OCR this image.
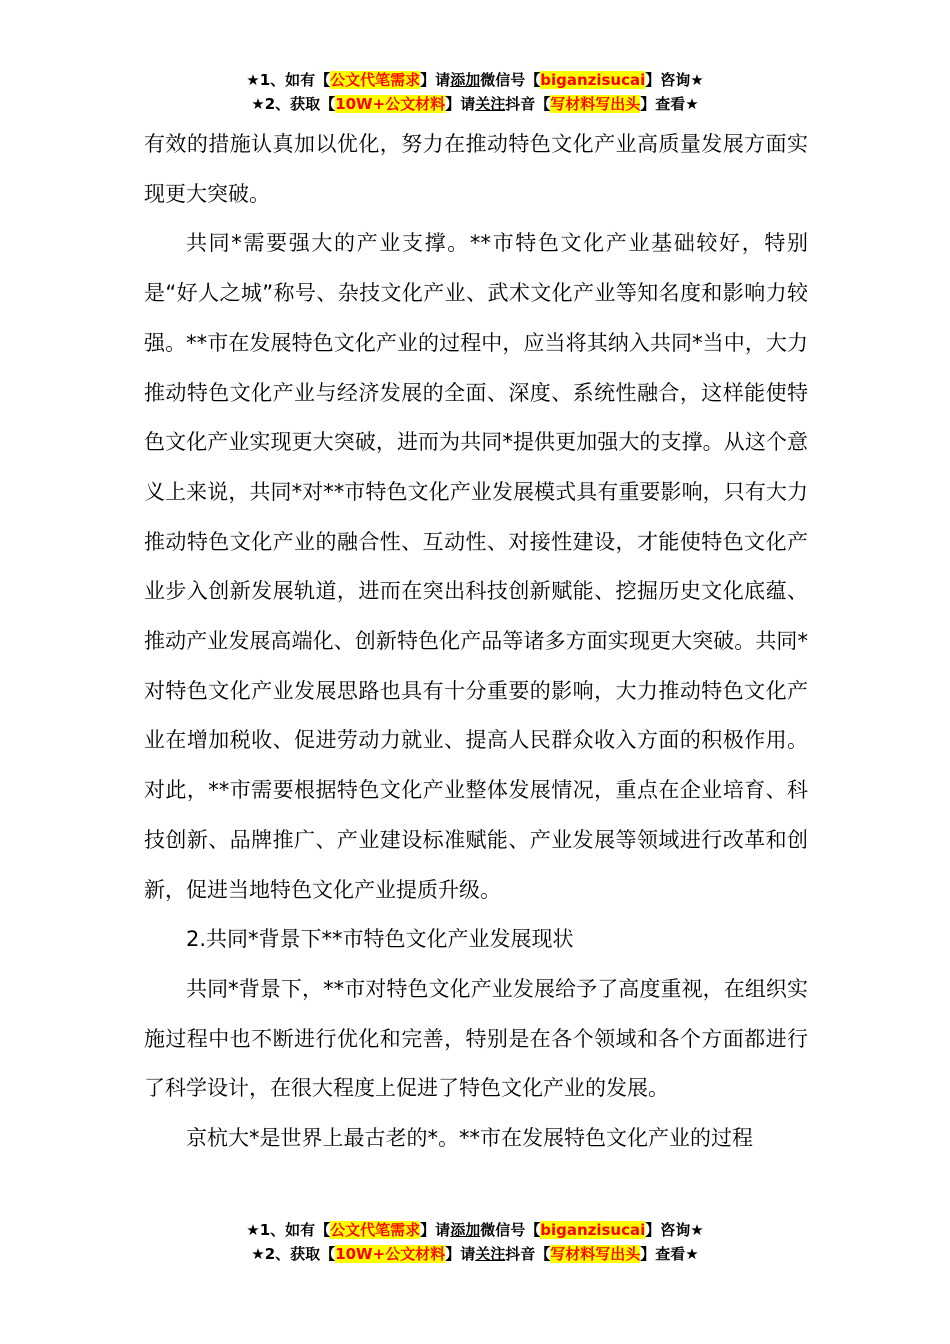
★1、如有【公文代笔需求】请添加微信号【biganzisucai】咨询★
★2、获取【10W+公文材料】请关注抖音【写材料写出头】查看★

有效的措施认真加以优化，努力在推动特色文化产业高质量发展方面实现更大突破。

共同*需要强大的产业支撑。**市特色文化产业基础较好，特别是“好人之城”称号、杂技文化产业、武术文化产业等知名度和影响力较强。**市在发展特色文化产业的过程中，应当将其纳入共同*当中，大力推动特色文化产业与经济发展的全面、深度、系统性融合，这样能使特色文化产业实现更大突破，进而为共同*提供更加强大的支撑。从这个意义上来说，共同*对**市特色文化产业发展模式具有重要影响，只有大力推动特色文化产业的融合性、互动性、对接性建设，才能使特色文化产业步入创新发展轨道，进而在突出科技创新赋能、挖掘历史文化底蕴、推动产业发展高端化、创新特色化产品等诸多方面实现更大突破。共同*对特色文化产业发展思路也具有十分重要的影响，大力推动特色文化产业在增加税收、促进劳动力就业、提高人民群众收入方面的积极作用。对此，**市需要根据特色文化产业整体发展情况，重点在企业培育、科技创新、品牌推广、产业建设标准赋能、产业发展等领域进行改革和创新，促进当地特色文化产业提质升级。

2.共同*背景下**市特色文化产业发展现状

共同*背景下，**市对特色文化产业发展给予了高度重视，在组织实施过程中也不断进行优化和完善，特别是在各个领域和各个方面都进行了科学设计，在很大程度上促进了特色文化产业的发展。

京杭大*是世界上最古老的*。**市在发展特色文化产业的过程

★1、如有【公文代笔需求】请添加微信号【biganzisucai】咨询★
★2、获取【10W+公文材料】请关注抖音【写材料写出头】查看★
